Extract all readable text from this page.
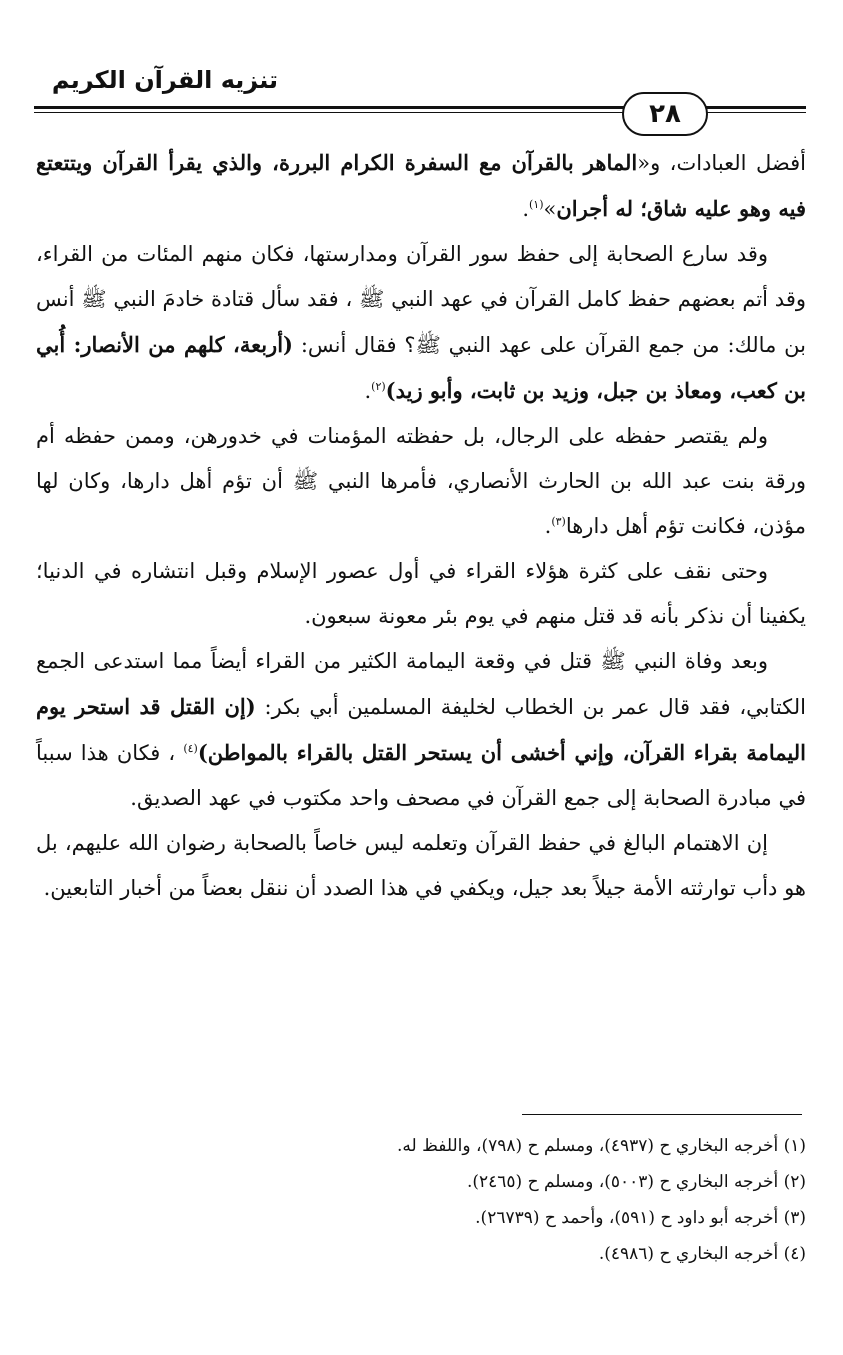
تنزيه القرآن الكريم
٢٨

أفضل العبادات، و«الماهر بالقرآن مع السفرة الكرام البررة، والذي يقرأ القرآن ويتتعتع فيه وهو عليه شاق؛ له أجران»$^{(١)}$.

وقد سارع الصحابة إلى حفظ سور القرآن ومدارستها، فكان منهم المئات من القراء، وقد أتم بعضهم حفظ كامل القرآن في عهد النبي ﷺ ، فقد سأل قتادة خادمَ النبي ﷺ أنس بن مالك: من جمع القرآن على عهد النبي ﷺ؟ فقال أنس: (أربعة، كلهم من الأنصار: أُبي بن كعب، ومعاذ بن جبل، وزيد بن ثابت، وأبو زيد)$^{(٢)}$.

ولم يقتصر حفظه على الرجال، بل حفظته المؤمنات في خدورهن، وممن حفظه أم ورقة بنت عبد الله بن الحارث الأنصاري، فأمرها النبي ﷺ أن تؤم أهل دارها، وكان لها مؤذن، فكانت تؤم أهل دارها$^{(٣)}$.

وحتى نقف على كثرة هؤلاء القراء في أول عصور الإسلام وقبل انتشاره في الدنيا؛ يكفينا أن نذكر بأنه قد قتل منهم في يوم بئر معونة سبعون.

وبعد وفاة النبي ﷺ قتل في وقعة اليمامة الكثير من القراء أيضاً مما استدعى الجمع الكتابي، فقد قال عمر بن الخطاب لخليفة المسلمين أبي بكر: (إن القتل قد استحر يوم اليمامة بقراء القرآن، وإني أخشى أن يستحر القتل بالقراء بالمواطن)$^{(٤)}$ ، فكان هذا سبباً في مبادرة الصحابة إلى جمع القرآن في مصحف واحد مكتوب في عهد الصديق.

إن الاهتمام البالغ في حفظ القرآن وتعلمه ليس خاصاً بالصحابة رضوان الله عليهم، بل هو دأب توارثته الأمة جيلاً بعد جيل، ويكفي في هذا الصدد أن ننقل بعضاً من أخبار التابعين.

(١) أخرجه البخاري ح (٤٩٣٧)، ومسلم ح (٧٩٨)، واللفظ له.
(٢) أخرجه البخاري ح (٥٠٠٣)، ومسلم ح (٢٤٦٥).
(٣) أخرجه أبو داود ح (٥٩١)، وأحمد ح (٢٦٧٣٩).
(٤) أخرجه البخاري ح (٤٩٨٦).
